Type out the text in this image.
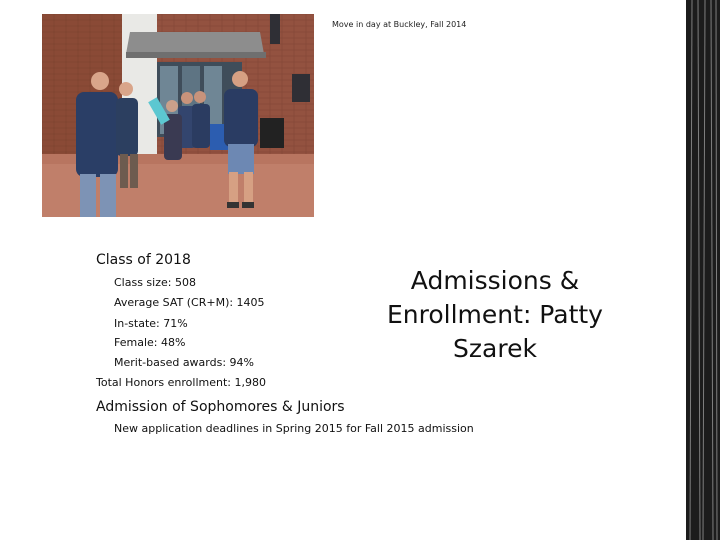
Move in day at Buckley, Fall 2014
Class of 2018
Class size: 508
Average SAT (CR+M): 1405
In-state: 71%
Female: 48%
Merit-based awards: 94%
Total Honors enrollment: 1,980
Admission of Sophomores & Juniors
New application deadlines in Spring 2015 for Fall 2015 admission
Admissions & Enrollment: Patty Szarek
